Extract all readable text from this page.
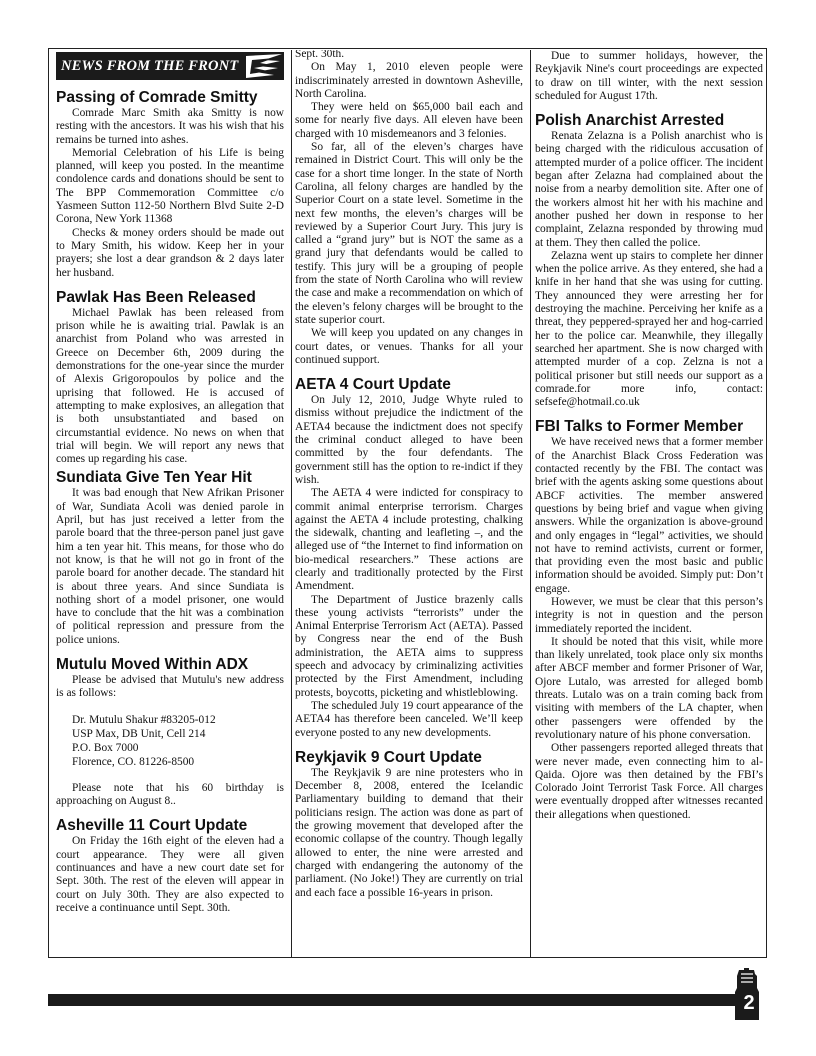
NEWS FROM THE FRONT
Passing of Comrade Smitty

Comrade Marc Smith aka Smitty is now resting with the ancestors. It was his wish that his remains be turned into ashes.

Memorial Celebration of his Life is being planned, will keep you posted. In the meantime condolence cards and donations should be sent to The BPP Commemoration Committee c/o Yasmeen Sutton 112-50 Northern Blvd Suite 2-D Corona, New York 11368

Checks & money orders should be made out to Mary Smith, his widow. Keep her in your prayers; she lost a dear grandson & 2 days later her husband.

Pawlak Has Been Released

Michael Pawlak has been released from prison while he is awaiting trial. Pawlak is an anarchist from Poland who was arrested in Greece on December 6th, 2009 during the demonstrations for the one-year since the murder of Alexis Grigoropoulos by police and the uprising that followed. He is accused of attempting to make explosives, an allegation that is both unsubstantiated and based on circumstantial evidence. No news on when that trial will begin. We will report any news that comes up regarding his case.

Sundiata Give Ten Year Hit

It was bad enough that New Afrikan Prisoner of War, Sundiata Acoli was denied parole in April, but has just received a letter from the parole board that the three-person panel just gave him a ten year hit. This means, for those who do not know, is that he will not go in front of the parole board for another decade. The standard hit is about three years. And since Sundiata is nothing short of a model prisoner, one would have to conclude that the hit was a combination of political repression and pressure from the police unions.

Mutulu Moved Within ADX

Please be advised that Mutulu's new address is as follows:

Dr. Mutulu Shakur #83205-012
USP Max, DB Unit, Cell 214
P.O. Box 7000
Florence, CO. 81226-8500

Please note that his 60 birthday is approaching on August 8..

Asheville 11 Court Update

On Friday the 16th eight of the eleven had a court appearance. They were all given continuances and have a new court date set for Sept. 30th. The rest of the eleven will appear in court on July 30th. They are also expected to receive a continuance until Sept. 30th.

Sept. 30th.

On May 1, 2010 eleven people were indiscriminately arrested in downtown Asheville, North Carolina.

They were held on $65,000 bail each and some for nearly five days. All eleven have been charged with 10 misdemeanors and 3 felonies.

So far, all of the eleven’s charges have remained in District Court. This will only be the case for a short time longer. In the state of North Carolina, all felony charges are handled by the Superior Court on a state level. Sometime in the next few months, the eleven’s charges will be reviewed by a Superior Court Jury. This jury is called a “grand jury” but is NOT the same as a grand jury that defendants would be called to testify. This jury will be a grouping of people from the state of North Carolina who will review the case and make a recommendation on which of the eleven’s felony charges will be brought to the state superior court.

We will keep you updated on any changes in court dates, or venues. Thanks for all your continued support.

AETA 4 Court Update

On July 12, 2010, Judge Whyte ruled to dismiss without prejudice the indictment of the AETA4 because the indictment does not specify the criminal conduct alleged to have been committed by the four defendants. The government still has the option to re-indict if they wish.

The AETA 4 were indicted for conspiracy to commit animal enterprise terrorism. Charges against the AETA 4 include protesting, chalking the sidewalk, chanting and leafleting –, and the alleged use of “the Internet to find information on bio-medical researchers.” These actions are clearly and traditionally protected by the First Amendment.

The Department of Justice brazenly calls these young activists “terrorists” under the Animal Enterprise Terrorism Act (AETA). Passed by Congress near the end of the Bush administration, the AETA aims to suppress speech and advocacy by criminalizing activities protected by the First Amendment, including protests, boycotts, picketing and whistleblowing.

The scheduled July 19 court appearance of the AETA4 has therefore been canceled. We’ll keep everyone posted to any new developments.

Reykjavik 9 Court Update

The Reykjavik 9 are nine protesters who in December 8, 2008, entered the Icelandic Parliamentary building to demand that their politicians resign. The action was done as part of the growing movement that developed after the economic collapse of the country. Though legally allowed to enter, the nine were arrested and charged with endangering the autonomy of the parliament. (No Joke!) They are currently on trial and each face a possible 16-years in prison.

Due to summer holidays, however, the Reykjavik Nine's court proceedings are expected to draw on till winter, with the next session scheduled for August 17th.

Polish Anarchist Arrested

Renata Zelazna is a Polish anarchist who is being charged with the ridiculous accusation of attempted murder of a police officer. The incident began after Zelazna had complained about the noise from a nearby demolition site. After one of the workers almost hit her with his machine and another pushed her down in response to her complaint, Zelazna responded by throwing mud at them. They then called the police.

Zelazna went up stairs to complete her dinner when the police arrive. As they entered, she had a knife in her hand that she was using for cutting. They announced they were arresting her for destroying the machine. Perceiving her knife as a threat, they peppered-sprayed her and hog-carried her to the police car. Meanwhile, they illegally searched her apartment. She is now charged with attempted murder of a cop. Zelzna is not a political prisoner but still needs our support as a comrade.for more info, contact: sefsefe@hotmail.co.uk

FBI Talks to Former Member

We have received news that a former member of the Anarchist Black Cross Federation was contacted recently by the FBI. The contact was brief with the agents asking some questions about ABCF activities. The member answered questions by being brief and vague when giving answers. While the organization is above-ground and only engages in “legal” activities, we should not have to remind activists, current or former, that providing even the most basic and public information should be avoided. Simply put: Don’t engage.

However, we must be clear that this person’s integrity is not in question and the person immediately reported the incident.

It should be noted that this visit, while more than likely unrelated, took place only six months after ABCF member and former Prisoner of War, Ojore Lutalo, was arrested for alleged bomb threats. Lutalo was on a train coming back from visiting with members of the LA chapter, when other passengers were offended by the revolutionary nature of his phone conversation.

Other passengers reported alleged threats that were never made, even connecting him to al-Qaida. Ojore was then detained by the FBI’s Colorado Joint Terrorist Task Force. All charges were eventually dropped after witnesses recanted their allegations when questioned.

2
